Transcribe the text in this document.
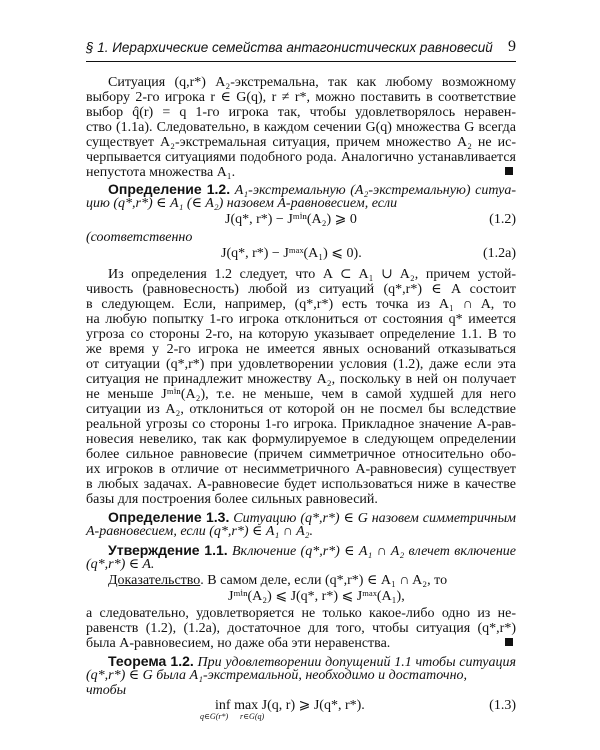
§ 1. Иерархические семейства антагонистических равновесий 9
Ситуация (q,r*) A₂-экстремальна, так как любому возможному
выбору 2-го игрока r ∈ G(q), r ≠ r*, можно поставить в соответствие
выбор q̂(r) = q 1-го игрока так, чтобы удовлетворялось неравен-
ство (1.1a). Следовательно, в каждом сечении G(q) множества G всегда
существует A₂-экстремальная ситуация, причем множество A₂ не ис-
черпывается ситуациями подобного рода. Аналогично устанавливается
непустота множества A₁.
Определение 1.2. A₁-экстремальную (A₂-экстремальную) ситуа-
цию (q*,r*) ∈ A₁ (∈ A₂) назовем A-равновесием, если
J(q*, r*) − Jᵐⁱⁿ(A₂) ⩾ 0	(1.2)
(соответственно
J(q*, r*) − Jᵐᵃˣ(A₁) ⩽ 0).	(1.2a)
Из определения 1.2 следует, что A ⊂ A₁ ∪ A₂, причем устой-
чивость (равновесность) любой из ситуаций (q*,r*) ∈ A состоит
в следующем. Если, например, (q*,r*) есть точка из A₁ ∩ A, то
на любую попытку 1-го игрока отклониться от состояния q* имеется
угроза со стороны 2-го, на которую указывает определение 1.1. В то
же время у 2-го игрока не имеется явных оснований отказываться
от ситуации (q*,r*) при удовлетворении условия (1.2), даже если эта
ситуация не принадлежит множеству A₂, поскольку в ней он получает
не меньше Jᵐⁱⁿ(A₂), т.е. не меньше, чем в самой худшей для него
ситуации из A₂, отклониться от которой он не посмел бы вследствие
реальной угрозы со стороны 1-го игрока. Прикладное значение A-рав-
новесия невелико, так как формулируемое в следующем определении
более сильное равновесие (причем симметричное относительно обо-
их игроков в отличие от несимметричного A-равновесия) существует
в любых задачах. A-равновесие будет использоваться ниже в качестве
базы для построения более сильных равновесий.
Определение 1.3. Ситуацию (q*,r*) ∈ G назовем симметричным
A-равновесием, если (q*,r*) ∈ A₁ ∩ A₂.
Утверждение 1.1. Включение (q*,r*) ∈ A₁ ∩ A₂ влечет включение
(q*,r*) ∈ A.
Доказательство. В самом деле, если (q*,r*) ∈ A₁ ∩ A₂, то
Jᵐⁱⁿ(A₂) ⩽ J(q*, r*) ⩽ Jᵐᵃˣ(A₁),
а следовательно, удовлетворяется не только какое-либо одно из не-
равенств (1.2), (1.2a), достаточное для того, чтобы ситуация (q*,r*)
была A-равновесием, но даже оба эти неравенства.
Теорема 1.2. При удовлетворении допущений 1.1 чтобы ситуация
(q*,r*) ∈ G была A₁-экстремальной, необходимо и достаточно,
чтобы
inf max J(q, r) ⩾ J(q*, r*).
q∈G(r*) r∈G(q)
(1.3)
